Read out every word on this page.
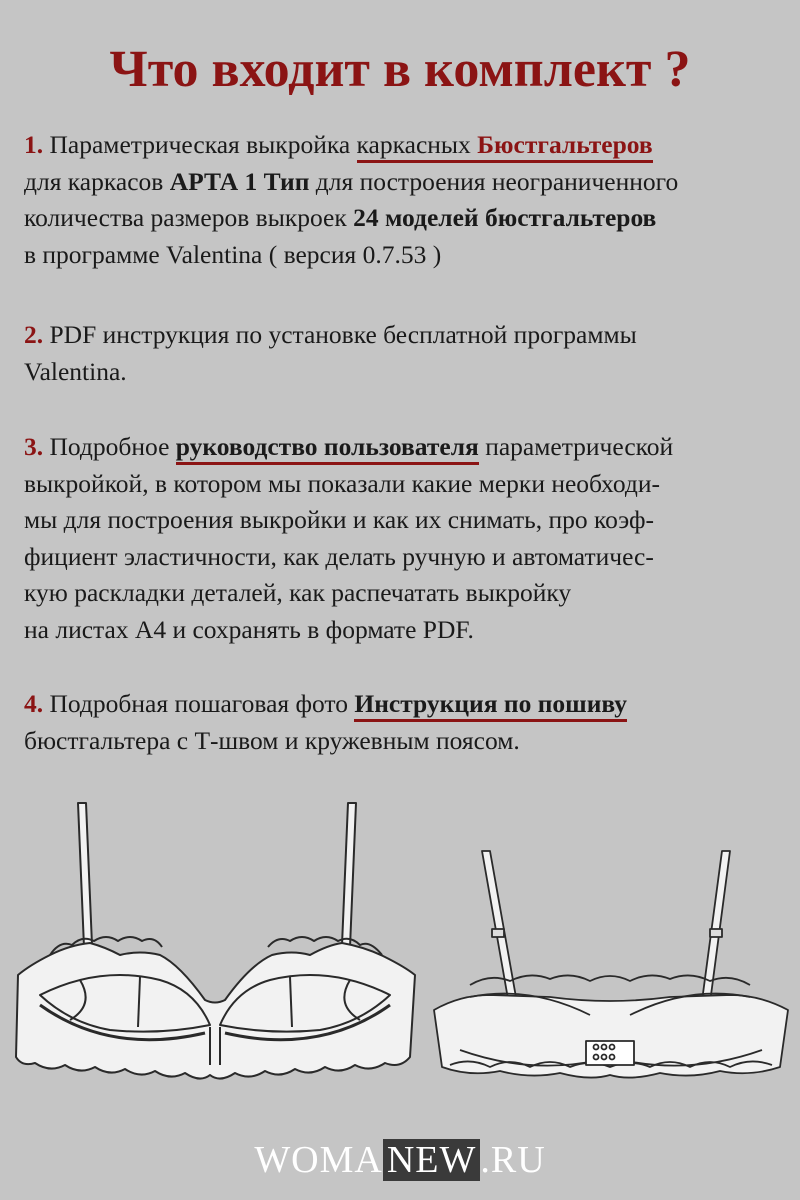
Что входит в комплект ?

1. Параметрическая выкройка каркасных Бюстгальтеров
для каркасов АРТА 1 Тип для построения неограниченного
количества размеров выкроек 24 моделей бюстгальтеров
в программе Valentina ( версия 0.7.53 )

2. PDF инструкция по установке бесплатной программы
Valentina.

3. Подробное руководство пользователя параметрической
выкройкой, в котором мы показали какие мерки необходи-
мы для построения выкройки и как их снимать, про коэф-
фициент эластичности, как делать ручную и автоматичес-
кую раскладки деталей, как распечатать выкройку
на листах А4 и сохранять в формате PDF.

4. Подробная пошаговая фото Инструкция по пошиву
бюстгальтера с Т-швом и кружевным поясом.

WOMA NEW .RU
